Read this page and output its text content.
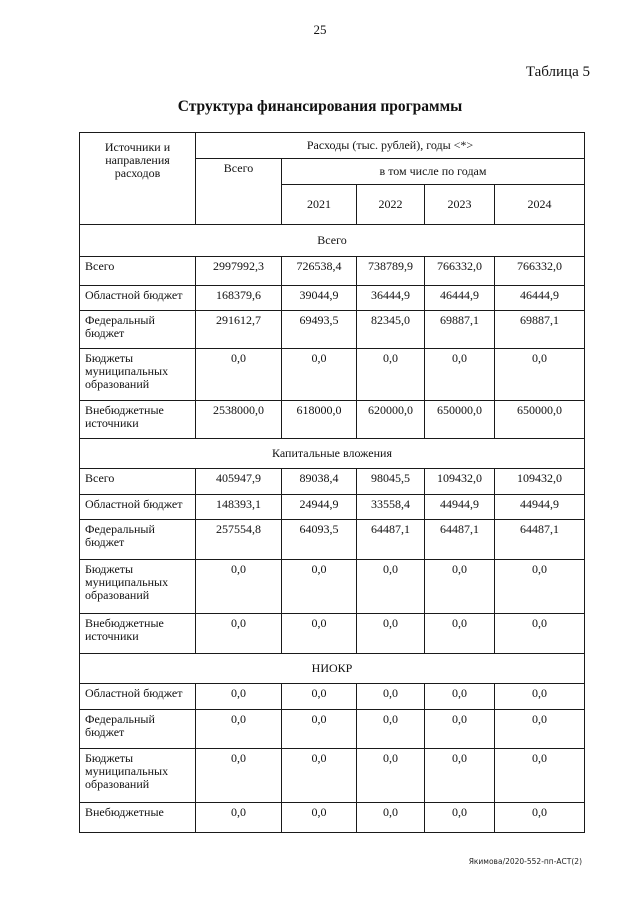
25
Таблица 5
Структура финансирования программы
Источники и направления расходов	Расходы (тыс. рублей), годы <*>				
	Всего	в том числе по годам			
		2021	2022	2023	2024
Всего					
Всего	2997992,3	726538,4	738789,9	766332,0	766332,0
Областной бюджет	168379,6	39044,9	36444,9	46444,9	46444,9
Федеральный бюджет	291612,7	69493,5	82345,0	69887,1	69887,1
Бюджеты муниципальных образований	0,0	0,0	0,0	0,0	0,0
Внебюджетные источники	2538000,0	618000,0	620000,0	650000,0	650000,0
Капитальные вложения					
Всего	405947,9	89038,4	98045,5	109432,0	109432,0
Областной бюджет	148393,1	24944,9	33558,4	44944,9	44944,9
Федеральный бюджет	257554,8	64093,5	64487,1	64487,1	64487,1
Бюджеты муниципальных образований	0,0	0,0	0,0	0,0	0,0
Внебюджетные источники	0,0	0,0	0,0	0,0	0,0
НИОКР					
Областной бюджет	0,0	0,0	0,0	0,0	0,0
Федеральный бюджет	0,0	0,0	0,0	0,0	0,0
Бюджеты муниципальных образований	0,0	0,0	0,0	0,0	0,0
Внебюджетные	0,0	0,0	0,0	0,0	0,0
Якимова/2020-552-пп-АСТ(2)
